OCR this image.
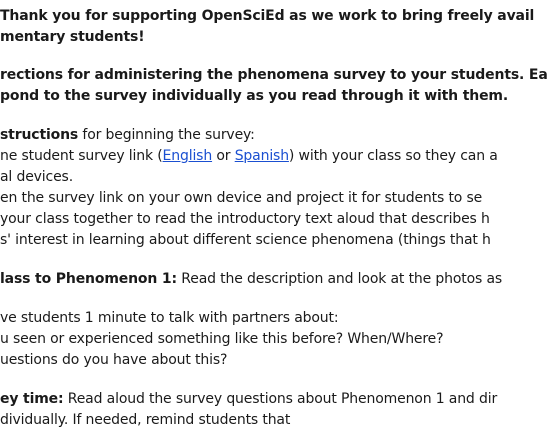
Thank you for supporting OpenSciEd as we work to bring freely avail
mentary students!
rections for administering the phenomena survey to your students. Ea
pond to the survey individually as you read through it with them.
structions for beginning the survey:
ne student survey link (English or Spanish) with your class so they can a
al devices.
en the survey link on your own device and project it for students to se
your class together to read the introductory text aloud that describes h
s' interest in learning about different science phenomena (things that h
lass to Phenomenon 1: Read the description and look at the photos as
ve students 1 minute to talk with partners about:
u seen or experienced something like this before? When/Where?
uestions do you have about this?
ey time: Read aloud the survey questions about Phenomenon 1 and dir
dividually. If needed, remind students that
